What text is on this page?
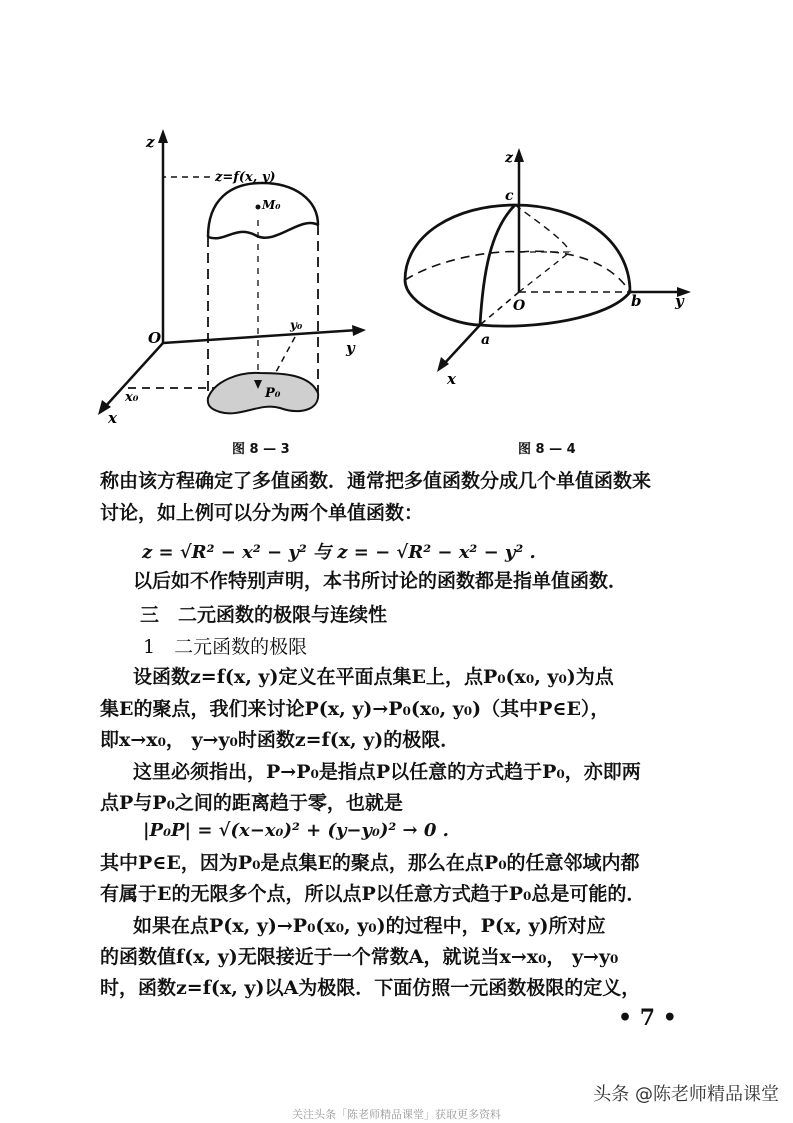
z
z=f(x, y)
M₀
O
y₀
y
x₀	P₀
x
图 8 — 3
z
c
O	b y
a
x
图 8 — 4
称由该方程确定了多值函数．通常把多值函数分成几个单值函数来
讨论，如上例可以分为两个单值函数：
z = √R² − x² − y² 与 z = − √R² − x² − y² .
以后如不作特别声明，本书所讨论的函数都是指单值函数．
三　二元函数的极限与连续性
1　二元函数的极限
设函数z=f(x, y)定义在平面点集E上，点P₀(x₀, y₀)为点
集E的聚点，我们来讨论P(x, y)→P₀(x₀, y₀)（其中P∈E），
即x→x₀， y→y₀时函数z=f(x, y)的极限．
这里必须指出，P→P₀是指点P以任意的方式趋于P₀，亦即两
点P与P₀之间的距离趋于零，也就是
|P₀P| = √(x−x₀)² + (y−y₀)² → 0 .
其中P∈E，因为P₀是点集E的聚点，那么在点P₀的任意邻域内都
有属于E的无限多个点，所以点P以任意方式趋于P₀总是可能的．
如果在点P(x, y)→P₀(x₀, y₀)的过程中，P(x, y)所对应
的函数值f(x, y)无限接近于一个常数A，就说当x→x₀， y→y₀
时，函数z=f(x, y)以A为极限．下面仿照一元函数极限的定义，
• 7 •
头条 @陈老师精品课堂
关注头条「陈老师精品课堂」获取更多资料
